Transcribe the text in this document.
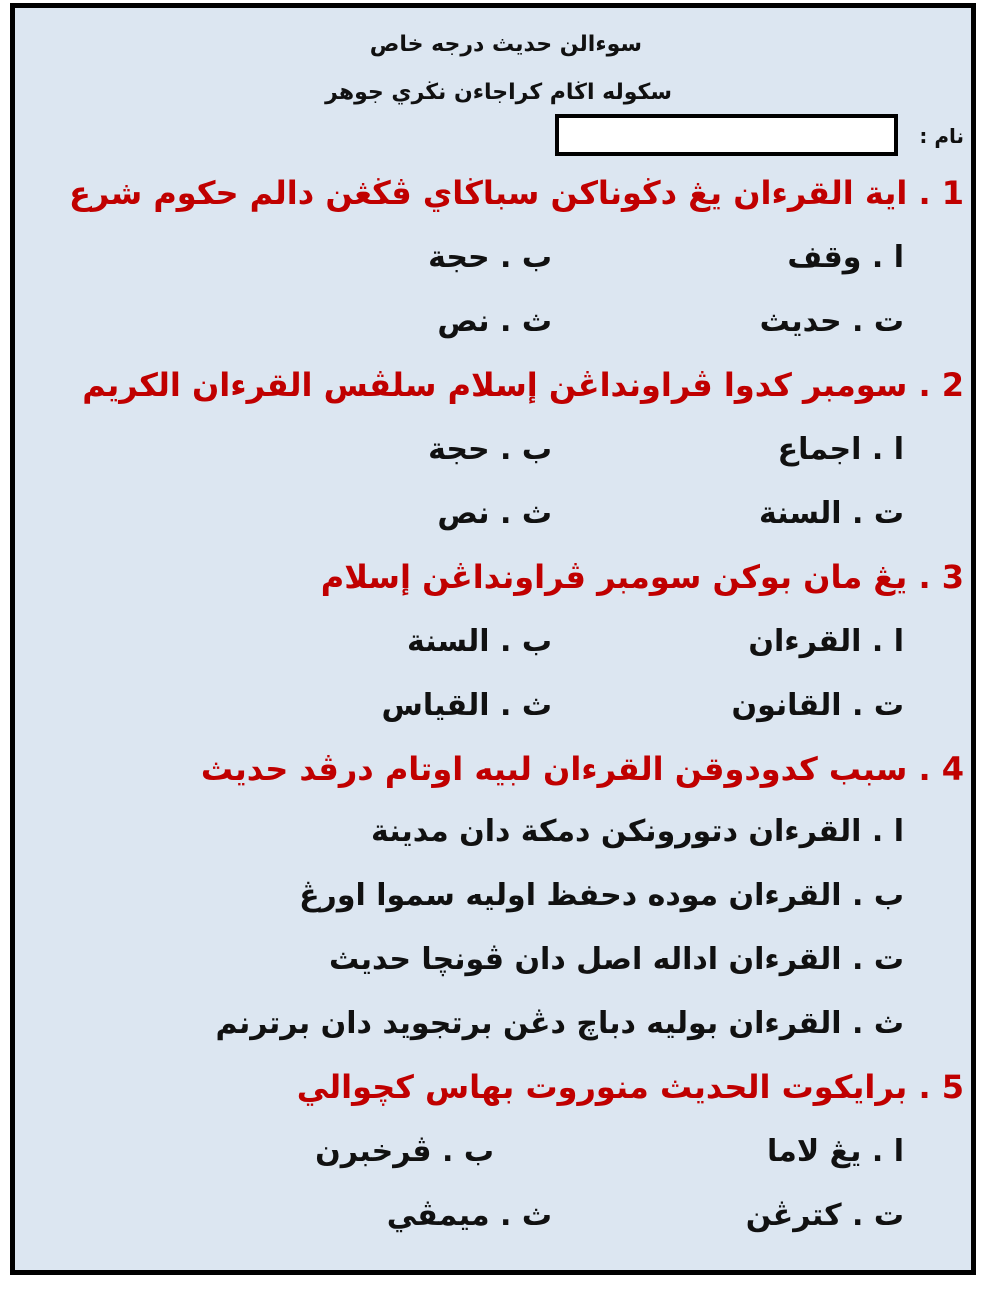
سوءالن حديث درجه خاص
سكوله اڬام كراجاءن نڬري جوهر
نام :
1 . اية القرءان يڠ دڬوناكن سباڬاي ڤڬڠن دالم حكوم شرع
ا . وقف
ب . حجة
ت . حديث
ث . نص
2 . سومبر كدوا ڤراونداڠن إسلام سلڤس القرءان الكريم
ا . اجماع
ب . حجة
ت . السنة
ث . نص
3 . يڠ مان بوكن سومبر ڤراونداڠن إسلام
ا . القرءان
ب . السنة
ت . القانون
ث . القياس
4 . سبب كدودوقن القرءان لبيه اوتام درڤد حديث
ا . القرءان دتورونكن دمكة دان مدينة
ب . القرءان موده دحفظ اوليه سموا اورڠ
ت . القرءان اداله اصل دان ڤونچا حديث
ث . القرءان بوليه دباچ دڠن برتجويد دان برترنم
5 . برايكوت الحديث منوروت بهاس كچوالي
ا . يڠ لاما
ب . ڤرخبرن
ت . كترڠن
ث . ميمڤي
